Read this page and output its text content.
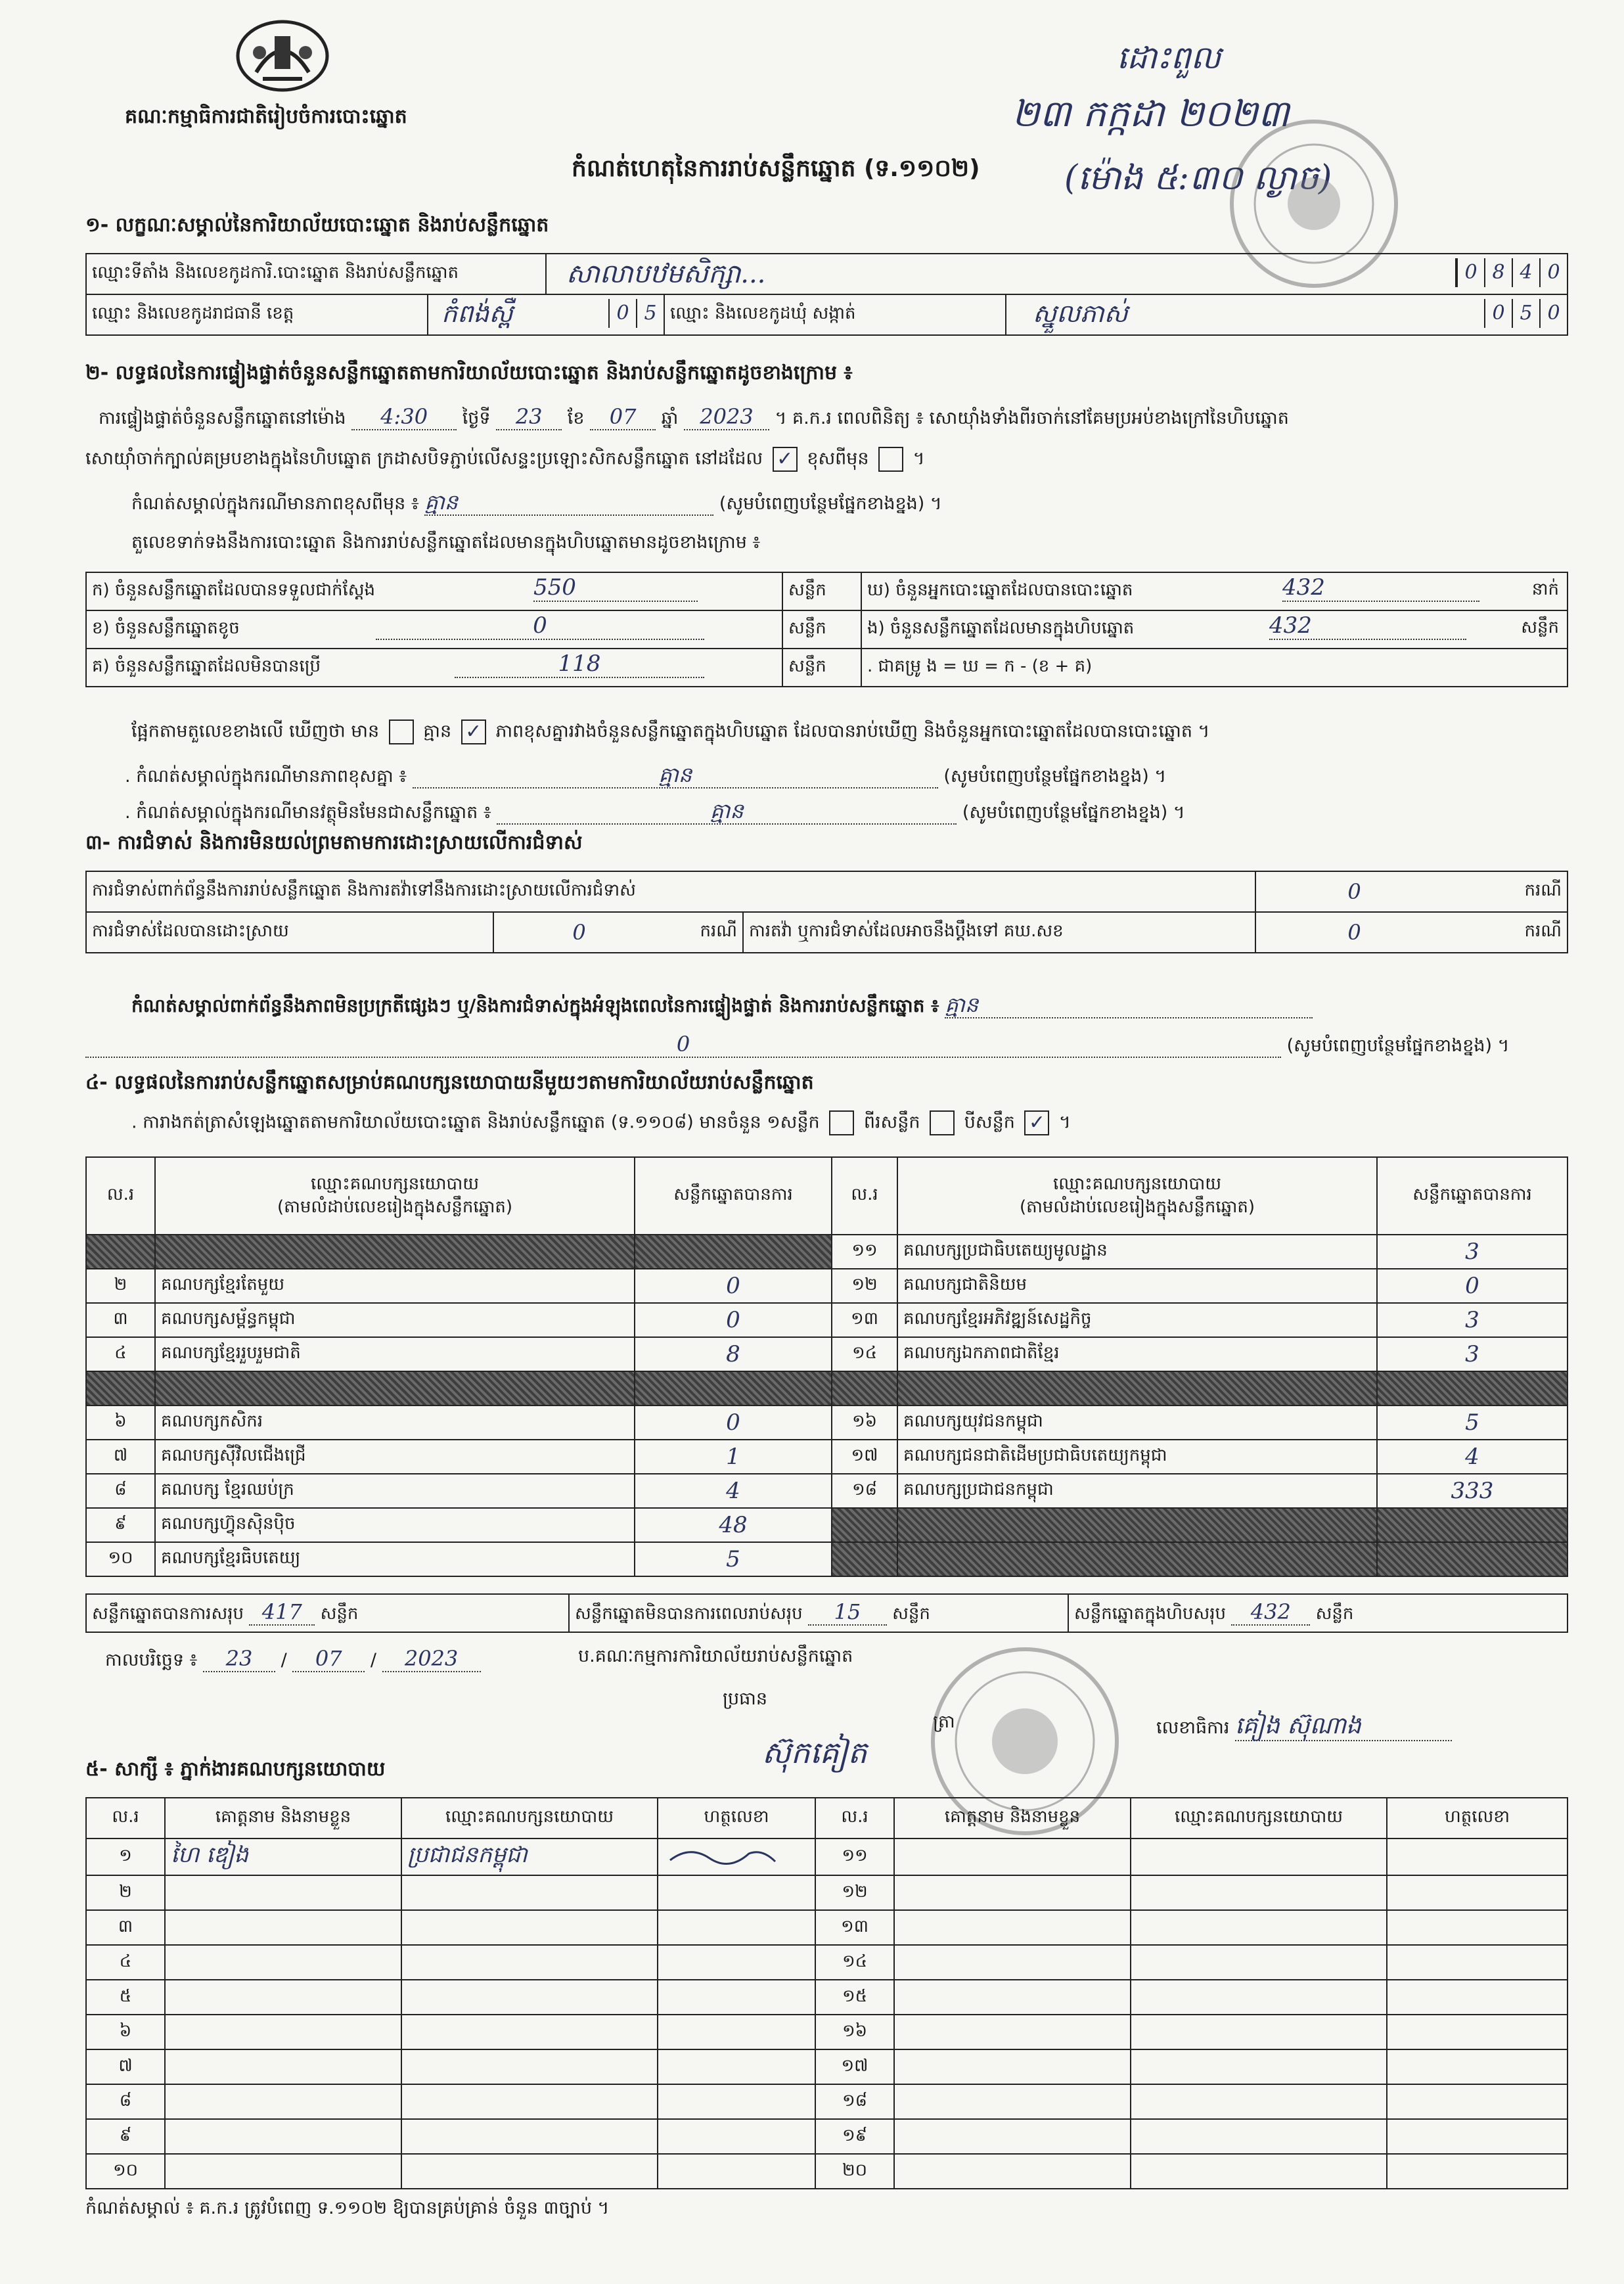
គណៈកម្មាធិការជាតិរៀបចំការបោះឆ្នោត
កំណត់ហេតុនៃការរាប់សន្លឹកឆ្នោត (ទ.១១០២)
ដោះពួល
២៣ កក្កដា ២០២៣
(ម៉ោង ៥:៣០ ល្ងាច)
១- លក្ខណៈសម្គាល់នៃការិយាល័យបោះឆ្នោត និងរាប់សន្លឹកឆ្នោត
ឈ្មោះទីតាំង និងលេខកូដការិ.បោះឆ្នោត និងរាប់សន្លឹកឆ្នោត		សាលាបឋមសិក្សា... 0 8 4 0		

ឈ្មោះ និងលេខកូដរាជធានី ខេត្ត	កំពង់ស្ពឺ 0 5		ឈ្មោះ និងលេខកូដឃុំ សង្កាត់	ស្នួលភាស់ 0 5 0
២- លទ្ធផលនៃការផ្ទៀងផ្ទាត់ចំនួនសន្លឹកឆ្នោតតាមការិយាល័យបោះឆ្នោត និងរាប់សន្លឹកឆ្នោតដូចខាងក្រោម ៖
ការផ្ទៀងផ្ទាត់ចំនួនសន្លឹកឆ្នោតនៅម៉ោង 4:30 ថ្ងៃទី 23 ខែ 07 ឆ្នាំ 2023 ។ គ.ក.រ ពេលពិនិត្យ ៖ សោយ៉ាំងទាំងពីរចាក់នៅគែមប្រអប់ខាងក្រៅនៃហិបឆ្នោត
សោយ៉ាំចាក់ក្បាល់គម្របខាងក្នុងនៃហិបឆ្នោត ក្រដាសបិទភ្ជាប់លើសន្ទះប្រឡោះសិកសន្លឹកឆ្នោត នៅដដែល ✓ ខុសពីមុន ។
កំណត់សម្គាល់ក្នុងករណីមានភាពខុសពីមុន ៖ គ្មាន	(សូមបំពេញបន្ថែមផ្នែកខាងខ្នង) ។
តួលេខទាក់ទងនឹងការបោះឆ្នោត និងការរាប់សន្លឹកឆ្នោតដែលមានក្នុងហិបឆ្នោតមានដូចខាងក្រោម ៖
ក) ចំនួនសន្លឹកឆ្នោតដែលបានទទួលជាក់ស្តែង 550	សន្លឹក	ឃ) ចំនួនអ្នកបោះឆ្នោតដែលបានបោះឆ្នោត 432 នាក់

ខ) ចំនួនសន្លឹកឆ្នោតខូច 0	សន្លឹក	ង) ចំនួនសន្លឹកឆ្នោតដែលមានក្នុងហិបឆ្នោត 432 សន្លឹក

គ) ចំនួនសន្លឹកឆ្នោតដែលមិនបានប្រើ 118	សន្លឹក	. ជាគម្រូ ង = ឃ = ក - (ខ + គ)
ផ្អែកតាមតួលេខខាងលើ ឃើញថា មាន គ្មាន ✓ ភាពខុសគ្នារវាងចំនួនសន្លឹកឆ្នោតក្នុងហិបឆ្នោត ដែលបានរាប់ឃើញ និងចំនួនអ្នកបោះឆ្នោតដែលបានបោះឆ្នោត ។
. កំណត់សម្គាល់ក្នុងករណីមានភាពខុសគ្នា ៖	គ្មាន	(សូមបំពេញបន្ថែមផ្នែកខាងខ្នង) ។
. កំណត់សម្គាល់ក្នុងករណីមានវត្ថុមិនមែនជាសន្លឹកឆ្នោត ៖	គ្មាន	(សូមបំពេញបន្ថែមផ្នែកខាងខ្នង) ។
៣- ការជំទាស់ និងការមិនយល់ព្រមតាមការដោះស្រាយលើការជំទាស់
ការជំទាស់ពាក់ព័ន្ធនឹងការរាប់សន្លឹកឆ្នោត និងការតវ៉ាទៅនឹងការដោះស្រាយលើការជំទាស់				0	ករណី
ការជំទាស់ដែលបានដោះស្រាយ	0	ករណី	ការតវ៉ា ឬការជំទាស់ដែលអាចនឹងប្តឹងទៅ គឃ.សខ	0	ករណី
កំណត់សម្គាល់ពាក់ព័ន្ធនឹងភាពមិនប្រក្រតីផ្សេងៗ ឬ/និងការជំទាស់ក្នុងអំឡុងពេលនៃការផ្ទៀងផ្ទាត់ និងការរាប់សន្លឹកឆ្នោត ៖ គ្មាន
0	(សូមបំពេញបន្ថែមផ្នែកខាងខ្នង) ។
៤- លទ្ធផលនៃការរាប់សន្លឹកឆ្នោតសម្រាប់គណបក្សនយោបាយនីមួយៗតាមការិយាល័យរាប់សន្លឹកឆ្នោត
. ការាងកត់ត្រាសំឡេងឆ្នោតតាមការិយាល័យបោះឆ្នោត និងរាប់សន្លឹកឆ្នោត (ទ.១១០៨) មានចំនួន ១សន្លឹក ពីរសន្លឹក បីសន្លឹក ✓ ។
ល.រ	ឈ្មោះគណបក្សនយោបាយ
(តាមលំដាប់លេខរៀងក្នុងសន្លឹកឆ្នោត)	សន្លឹកឆ្នោតបានការ	ល.រ	ឈ្មោះគណបក្សនយោបាយ
(តាមលំដាប់លេខរៀងក្នុងសន្លឹកឆ្នោត)	សន្លឹកឆ្នោតបានការ
			១១	គណបក្សប្រជាធិបតេយ្យមូលដ្ឋាន	3
២	គណបក្សខ្មែរតែមួយ	0	១២	គណបក្សជាតិនិយម	0
៣	គណបក្សសម្ព័ន្ធកម្ពុជា	0	១៣	គណបក្សខ្មែរអភិវឌ្ឍន៍សេដ្ឋកិច្ច	3
៤	គណបក្សខ្មែររួបរួមជាតិ	8	១៤	គណបក្សឯកភាពជាតិខ្មែរ	3

៦	គណបក្សកសិករ	0	១៦	គណបក្សយុវជនកម្ពុជា	5
៧	គណបក្សស៊ីវិលជើងជ្រើ	1	១៧	គណបក្សជនជាតិដើមប្រជាធិបតេយ្យកម្ពុជា	4
៨	គណបក្ស ខ្មែរឈប់ក្រ	4	១៨	គណបក្សប្រជាជនកម្ពុជា	333
៩	គណបក្សហ៊្វុនស៊ិនប៉ិច	48			
១០	គណបក្សខ្មែរធិបតេយ្យ	5			
សន្លឹកឆ្នោតបានការសរុប 417 សន្លឹក	សន្លឹកឆ្នោតមិនបានការពេលរាប់សរុប 15 សន្លឹក	សន្លឹកឆ្នោតក្នុងហិបសរុប 432 សន្លឹក
កាលបរិច្ឆេទ ៖ 23 / 07 / 2023	ប.គណៈកម្មការការិយាល័យរាប់សន្លឹកឆ្នោត
ប្រធាន
ស៊ុកគៀត
ត្រា	លេខាធិការ គៀង ស៊ុណាង
៥- សាក្សី ៖ ភ្នាក់ងារគណបក្សនយោបាយ
ល.រ	គោត្តនាម និងនាមខ្លួន	ឈ្មោះគណបក្សនយោបាយ	ហត្ថលេខា	ល.រ	គោត្តនាម និងនាមខ្លួន	ឈ្មោះគណបក្សនយោបាយ	ហត្ថលេខា
១	ហៃ ឌៀង	ប្រជាជនកម្ពុជា		១១			
២				១២			
៣				១៣			
៤				១៤			
៥				១៥			
៦				១៦			
៧				១៧			
៨				១៨			
៩				១៩			
១០				២០			
កំណត់សម្គាល់ ៖ គ.ក.រ ត្រូវបំពេញ ទ.១១០២ ឱ្យបានគ្រប់គ្រាន់ ចំនួន ៣ច្បាប់ ។
